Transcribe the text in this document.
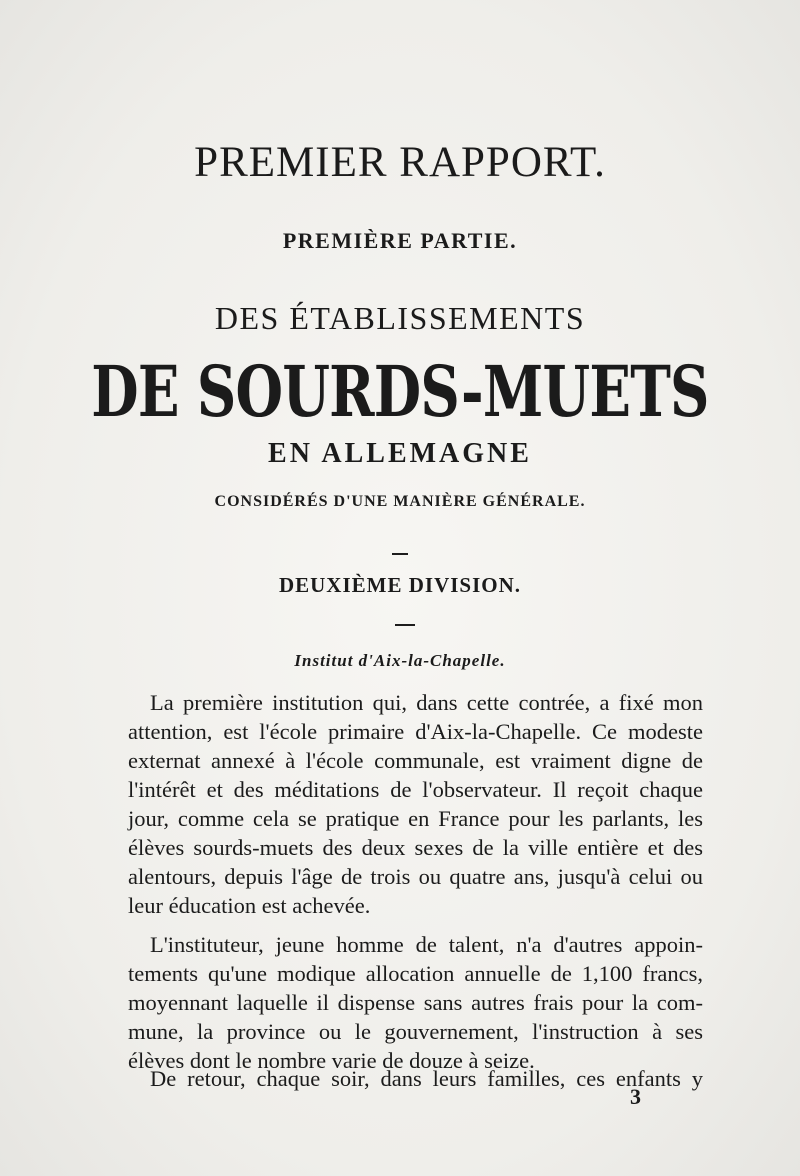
PREMIER RAPPORT.
PREMIÈRE PARTIE.
DES ÉTABLISSEMENTS
DE SOURDS-MUETS
EN ALLEMAGNE
CONSIDÉRÉS D'UNE MANIÈRE GÉNÉRALE.
DEUXIÈME DIVISION.
Institut d'Aix-la-Chapelle.
La première institution qui, dans cette contrée, a fixé mon
attention, est l'école primaire d'Aix-la-Chapelle. Ce modeste
externat annexé à l'école communale, est vraiment digne de
l'intérêt et des méditations de l'observateur. Il reçoit chaque
jour, comme cela se pratique en France pour les parlants, les
élèves sourds-muets des deux sexes de la ville entière et des
alentours, depuis l'âge de trois ou quatre ans, jusqu'à celui ou
leur éducation est achevée.
L'instituteur, jeune homme de talent, n'a d'autres appoin-
tements qu'une modique allocation annuelle de 1,100 francs,
moyennant laquelle il dispense sans autres frais pour la com-
mune, la province ou le gouvernement, l'instruction à ses
élèves dont le nombre varie de douze à seize.
De retour, chaque soir, dans leurs familles, ces enfants y
3
